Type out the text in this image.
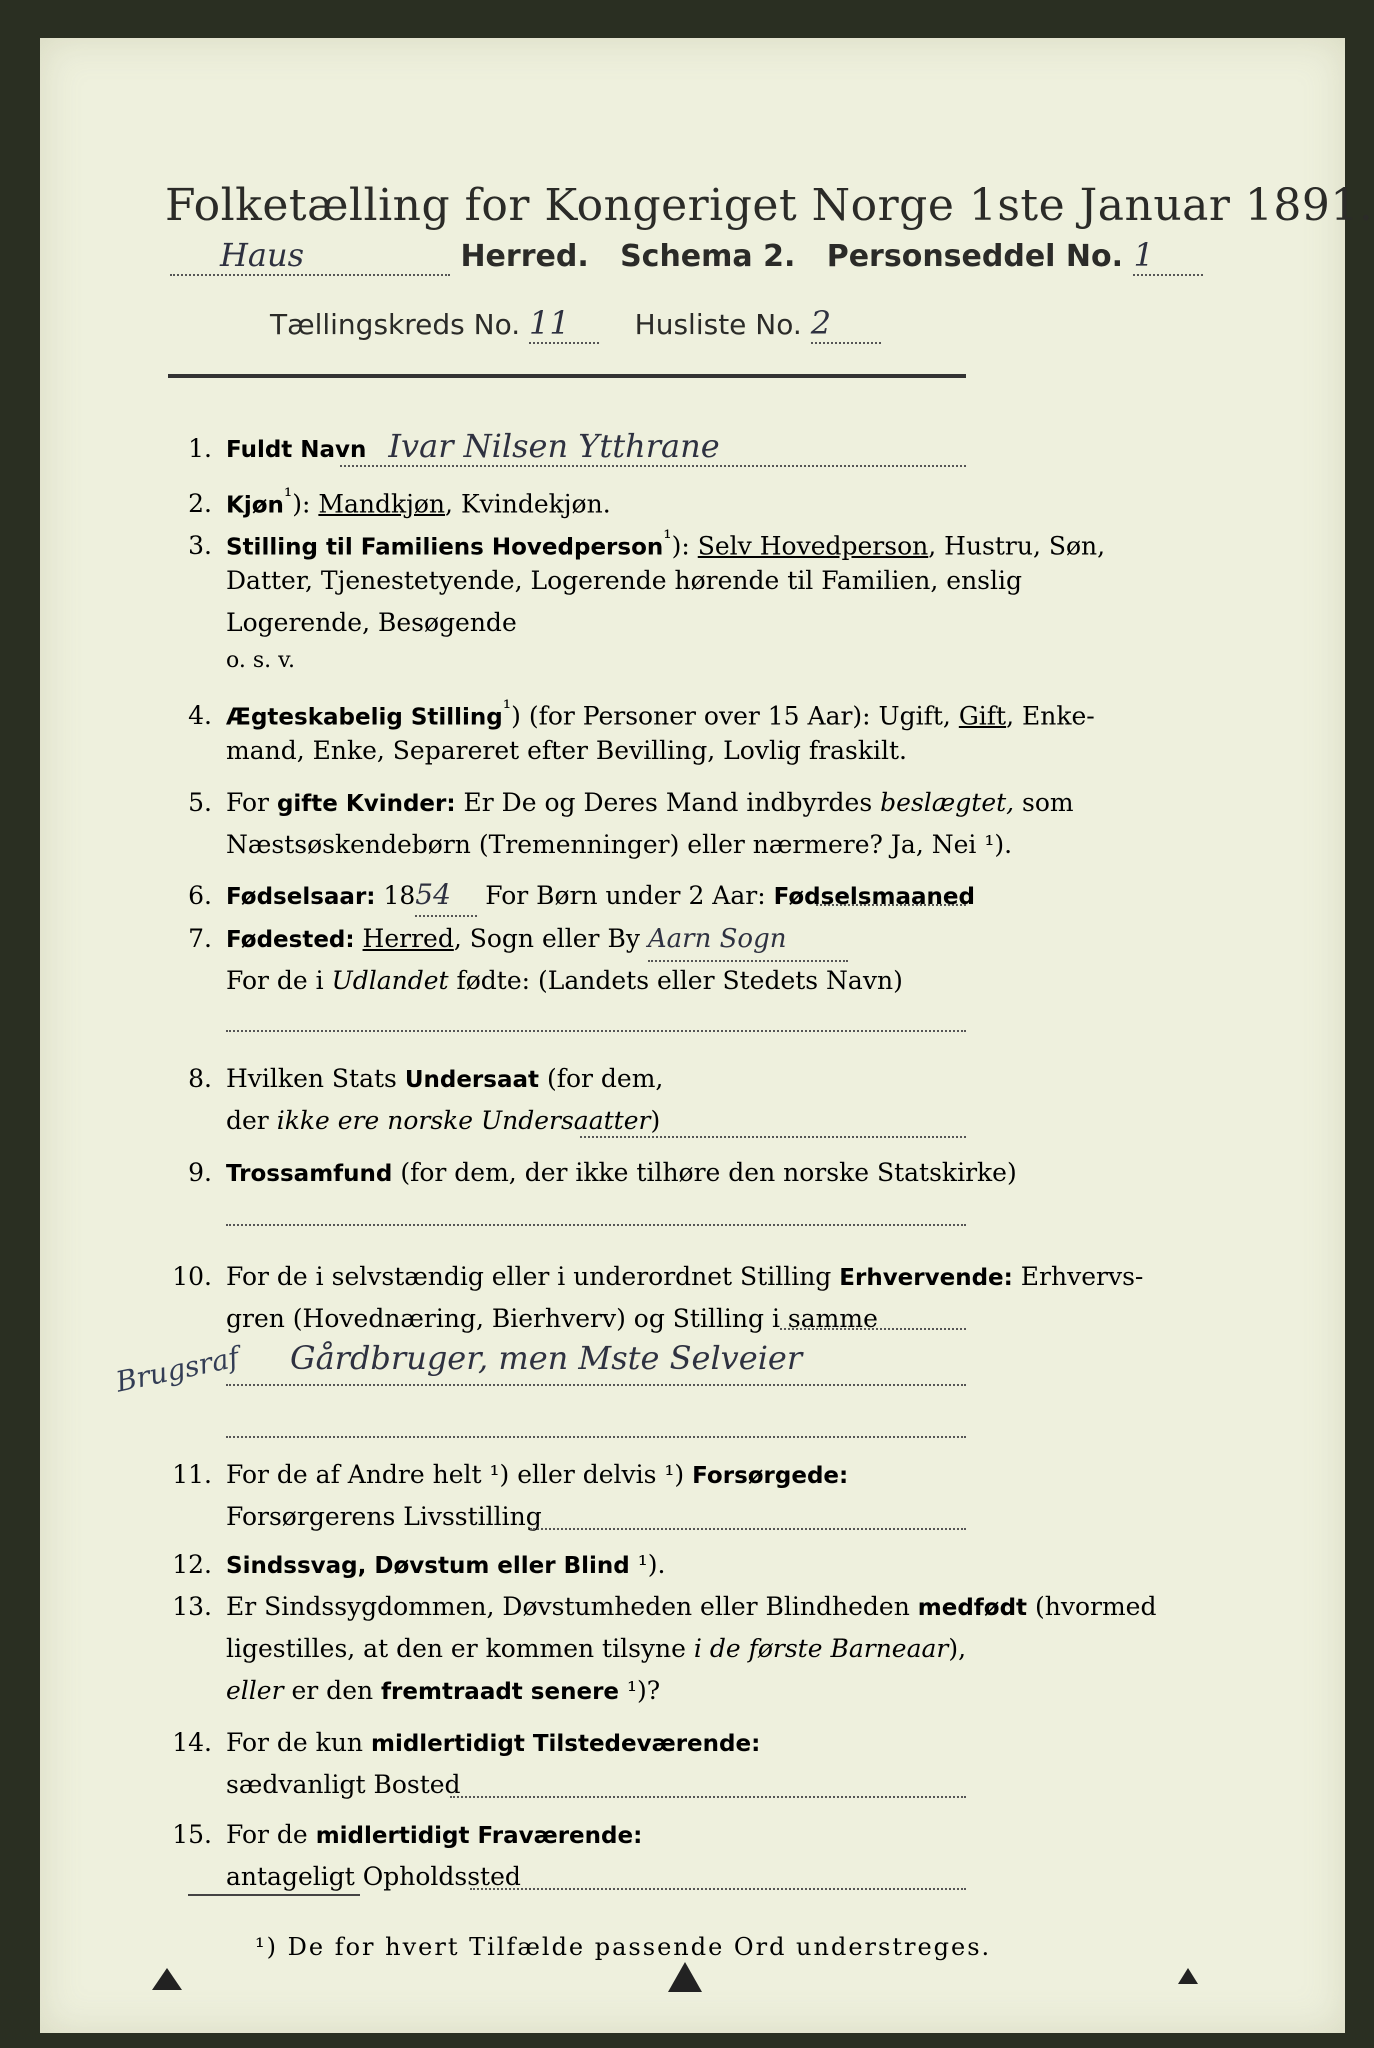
Folketælling for Kongeriget Norge 1ste Januar 1891.
Haus	Herred. Schema 2. Personseddel No. 1
Tællingskreds No. 11 Husliste No. 2
1. Fuldt Navn Ivar Nilsen Ytthrane
2. Kjøn$^{^1}$): Mandkjøn, Kvindekjøn.
3. Stilling til Familiens Hovedperson$^{^1}$): Selv Hovedperson, Hustru, Søn,
Datter, Tjenestetyende, Logerende hørende til Familien, enslig
Logerende, Besøgende
o. s. v.
4. Ægteskabelig Stilling$^{^1}$) (for Personer over 15 Aar): Ugift, Gift, Enke-
mand, Enke, Separeret efter Bevilling, Lovlig fraskilt.
5. For gifte Kvinder: Er De og Deres Mand indbyrdes beslægtet, som
Næstsøskendebørn (Tremenninger) eller nærmere? Ja, Nei ¹).
6. Fødselsaar: 1854 For Børn under 2 Aar: Fødselsmaaned
7. Fødested: Herred, Sogn eller By Aarn Sogn
For de i Udlandet fødte: (Landets eller Stedets Navn)
8. Hvilken Stats Undersaat (for dem,
der ikke ere norske Undersaatter)
9. Trossamfund (for dem, der ikke tilhøre den norske Statskirke)
10. For de i selvstændig eller i underordnet Stilling Erhvervende: Erhvervs-
gren (Hovednæring, Bierhverv) og Stilling i samme
Gårdbruger, men Mste Selveier
Brugsraf
11. For de af Andre helt ¹) eller delvis ¹) Forsørgede:
Forsørgerens Livsstilling
12. Sindssvag, Døvstum eller Blind ¹).
13. Er Sindssygdommen, Døvstumheden eller Blindheden medfødt (hvormed
ligestilles, at den er kommen tilsyne i de første Barneaar),
eller er den fremtraadt senere ¹)?
14. For de kun midlertidigt Tilstedeværende:
sædvanligt Bosted
15. For de midlertidigt Fraværende:
antageligt Opholdssted
¹) De for hvert Tilfælde passende Ord understreges.
